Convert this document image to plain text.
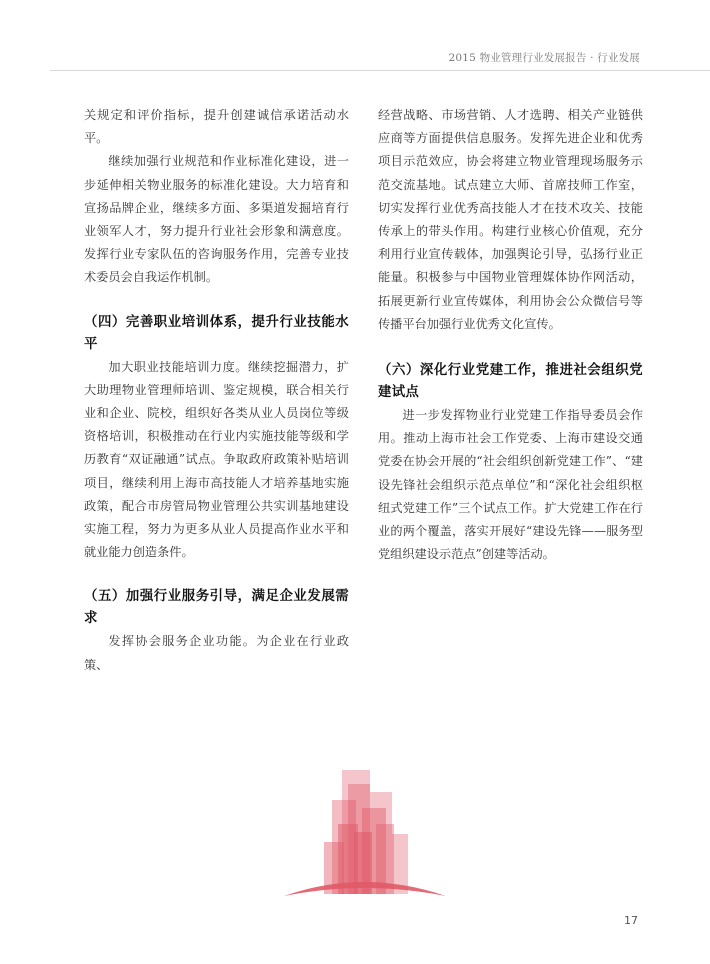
2015 物业管理行业发展报告 · 行业发展

关规定和评价指标，提升创建诚信承诺活动水平。

继续加强行业规范和作业标准化建设，进一步延伸相关物业服务的标准化建设。大力培育和宣扬品牌企业，继续多方面、多渠道发掘培育行业领军人才，努力提升行业社会形象和满意度。发挥行业专家队伍的咨询服务作用，完善专业技术委员会自我运作机制。

（四）完善职业培训体系，提升行业技能水平

加大职业技能培训力度。继续挖掘潜力，扩大助理物业管理师培训、鉴定规模，联合相关行业和企业、院校，组织好各类从业人员岗位等级资格培训，积极推动在行业内实施技能等级和学历教育“双证融通”试点。争取政府政策补贴培训项目，继续利用上海市高技能人才培养基地实施政策，配合市房管局物业管理公共实训基地建设实施工程，努力为更多从业人员提高作业水平和就业能力创造条件。

（五）加强行业服务引导，满足企业发展需求

发挥协会服务企业功能。为企业在行业政策、

经营战略、市场营销、人才选聘、相关产业链供应商等方面提供信息服务。发挥先进企业和优秀项目示范效应，协会将建立物业管理现场服务示范交流基地。试点建立大师、首席技师工作室，切实发挥行业优秀高技能人才在技术攻关、技能传承上的带头作用。构建行业核心价值观，充分利用行业宣传载体，加强舆论引导，弘扬行业正能量。积极参与中国物业管理媒体协作网活动，拓展更新行业宣传媒体，利用协会公众微信号等传播平台加强行业优秀文化宣传。

（六）深化行业党建工作，推进社会组织党建试点

进一步发挥物业行业党建工作指导委员会作用。推动上海市社会工作党委、上海市建设交通党委在协会开展的“社会组织创新党建工作”、“建设先锋社会组织示范点单位”和“深化社会组织枢纽式党建工作”三个试点工作。扩大党建工作在行业的两个覆盖，落实开展好“建设先锋——服务型党组织建设示范点”创建等活动。

17
